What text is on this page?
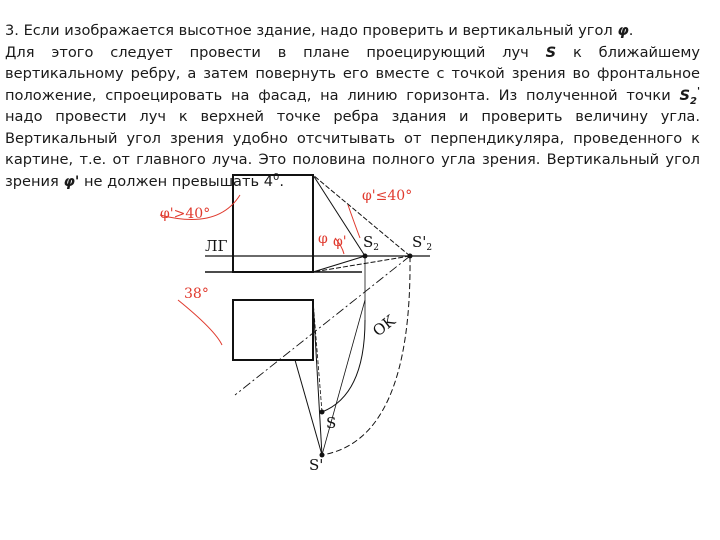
3. Если изображается высотное здание, надо проверить и вертикальный угол φ.
Для этого следует провести в плане проецирующий луч S к ближайшему вертикальному ребру, а затем повернуть его вместе с точкой зрения во фронтальное положение, спроецировать на фасад, на линию горизонта. Из полученной точки $S_2'$ надо провести луч к верхней точке ребра здания и проверить величину угла. Вертикальный угол зрения удобно отсчитывать от перпендикуляра, проведенного к картине, т.е. от главного луча. Это половина полного угла зрения. Вертикальный угол зрения φ' не должен превышать $4^0$.

φ'>40°
φ'≤40°
38°
ЛГ	φ φ' $S_2$ $S'_2$
OK
S
S'
